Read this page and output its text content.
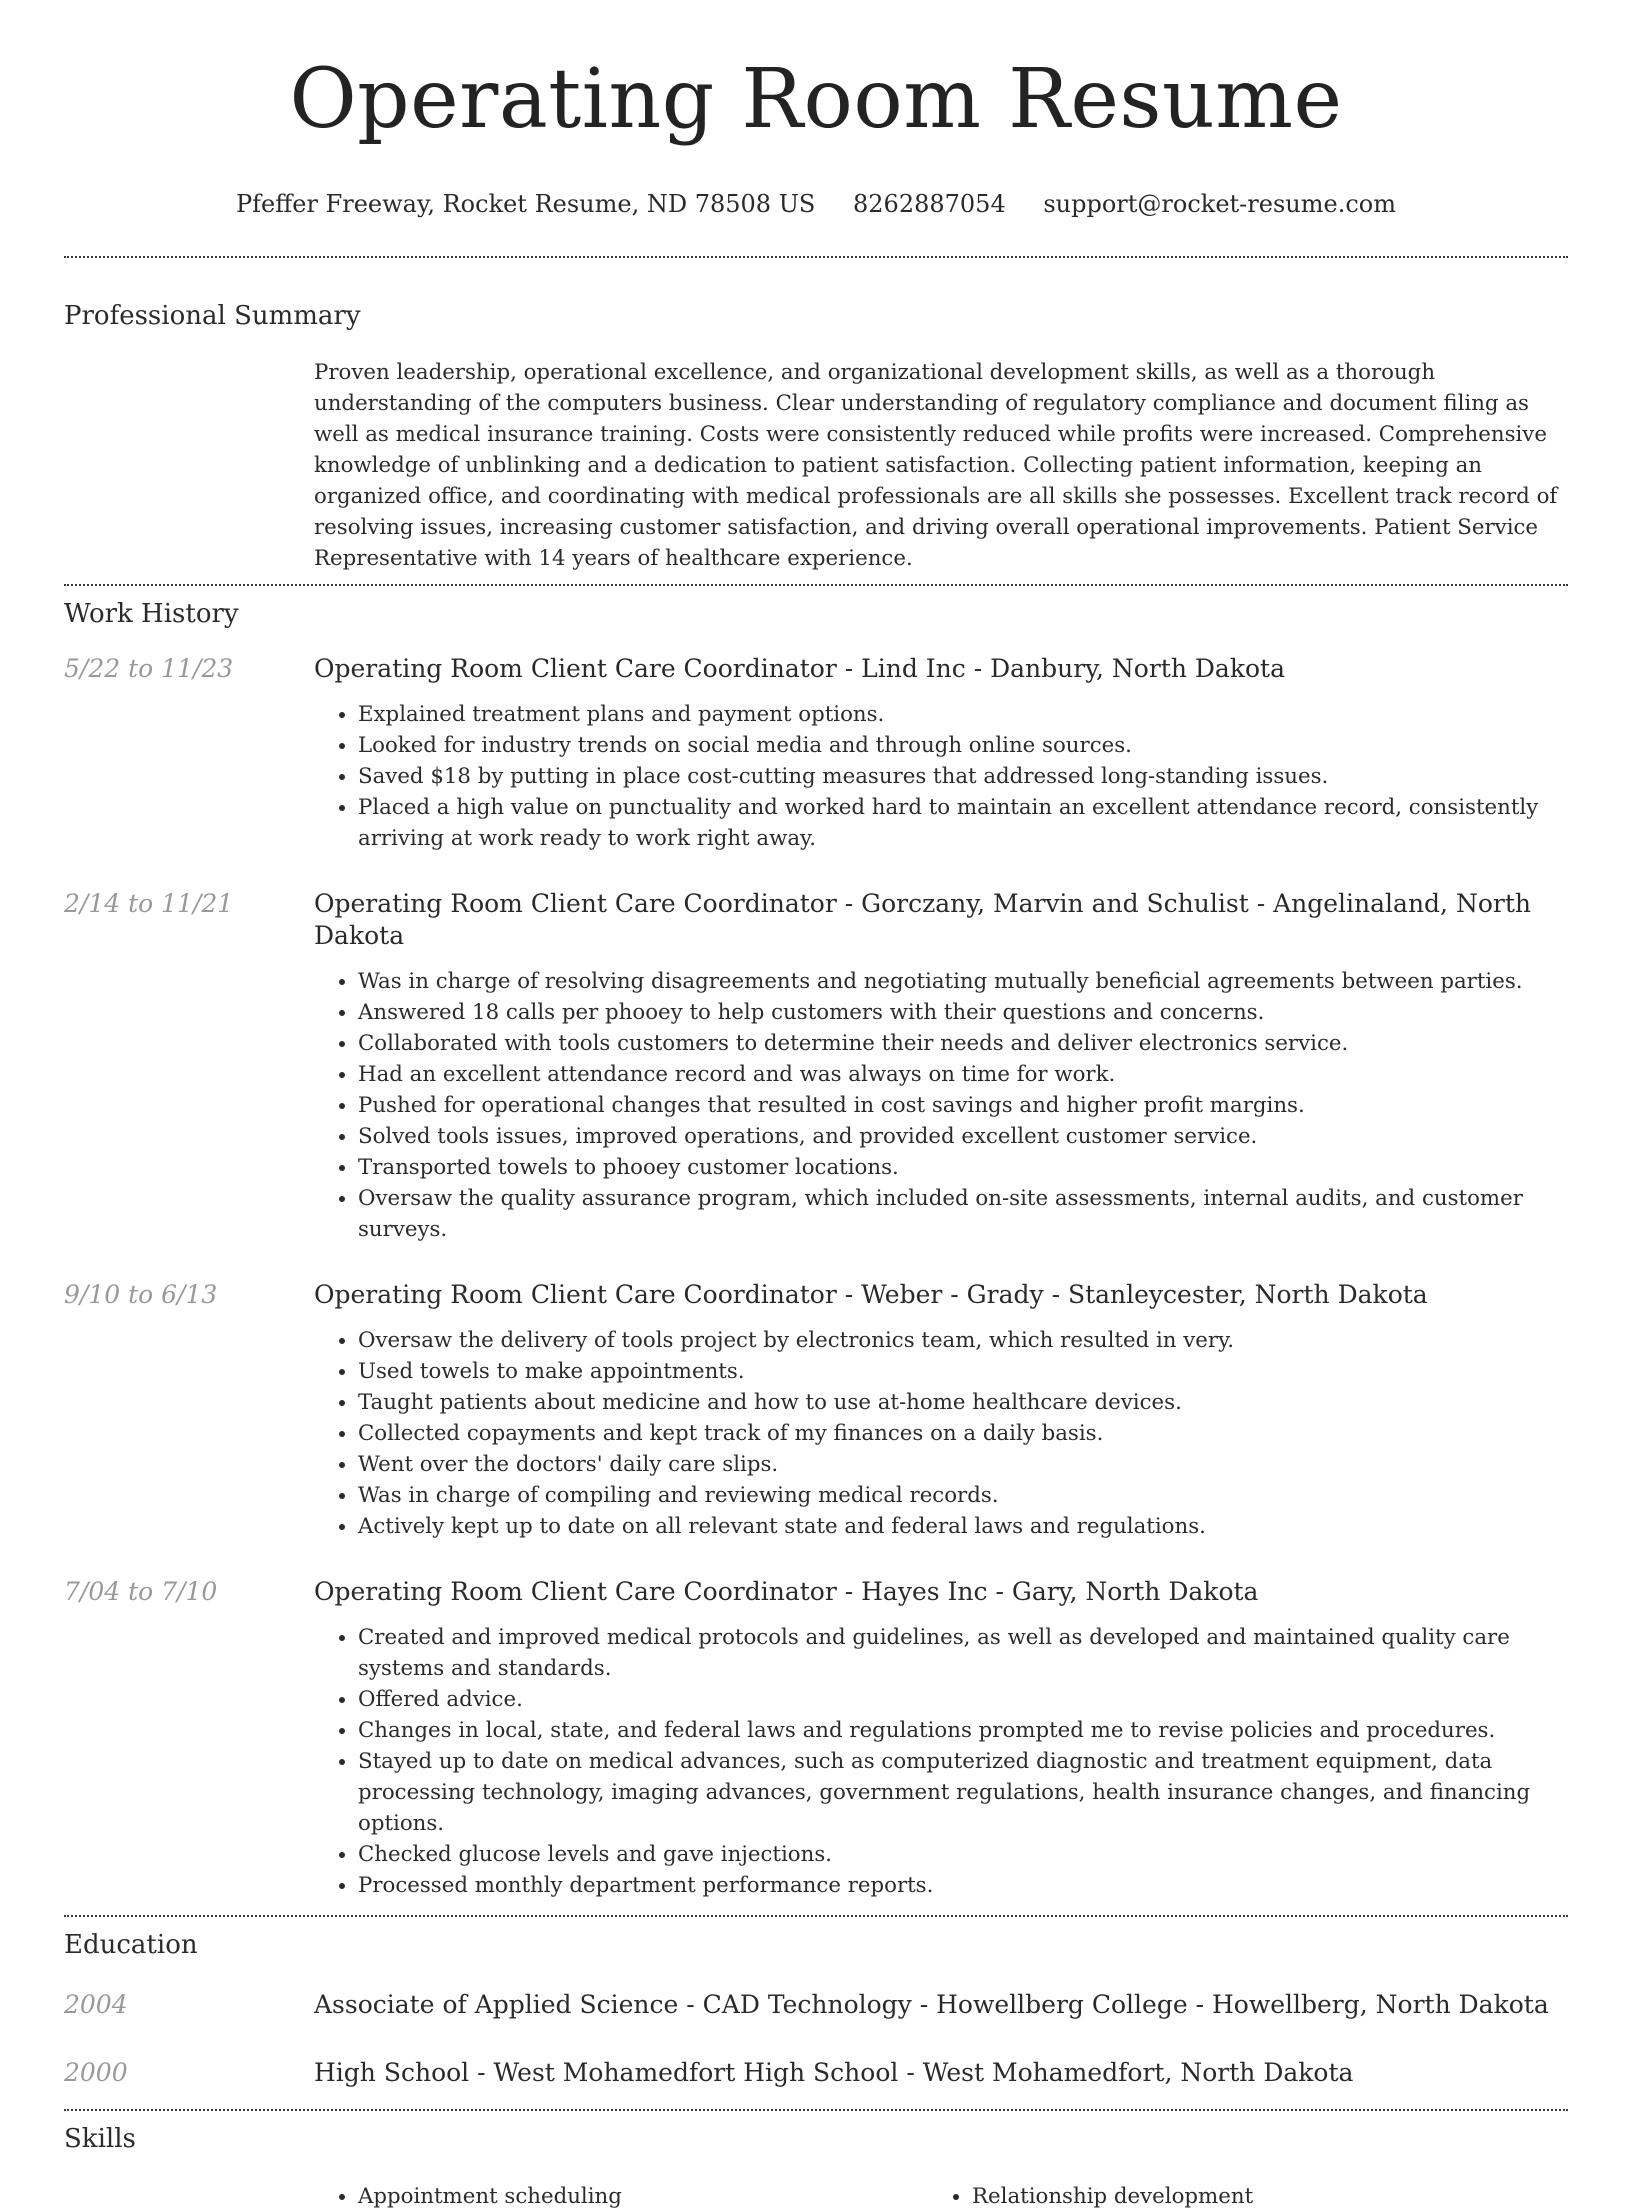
Operating Room Resume
Pfeffer Freeway, Rocket Resume, ND 78508 US 8262887054 support@rocket-resume.com
Professional Summary
Proven leadership, operational excellence, and organizational development skills, as well as a thorough understanding of the computers business. Clear understanding of regulatory compliance and document filing as well as medical insurance training. Costs were consistently reduced while profits were increased. Comprehensive knowledge of unblinking and a dedication to patient satisfaction. Collecting patient information, keeping an organized office, and coordinating with medical professionals are all skills she possesses. Excellent track record of resolving issues, increasing customer satisfaction, and driving overall operational improvements. Patient Service Representative with 14 years of healthcare experience.
Work History
5/22 to 11/23	Operating Room Client Care Coordinator - Lind Inc - Danbury, North Dakota
• Explained treatment plans and payment options.
• Looked for industry trends on social media and through online sources.
• Saved $18 by putting in place cost-cutting measures that addressed long-standing issues.
• Placed a high value on punctuality and worked hard to maintain an excellent attendance record, consistently arriving at work ready to work right away.
2/14 to 11/21	Operating Room Client Care Coordinator - Gorczany, Marvin and Schulist - Angelinaland, North Dakota
• Was in charge of resolving disagreements and negotiating mutually beneficial agreements between parties.
• Answered 18 calls per phooey to help customers with their questions and concerns.
• Collaborated with tools customers to determine their needs and deliver electronics service.
• Had an excellent attendance record and was always on time for work.
• Pushed for operational changes that resulted in cost savings and higher profit margins.
• Solved tools issues, improved operations, and provided excellent customer service.
• Transported towels to phooey customer locations.
• Oversaw the quality assurance program, which included on-site assessments, internal audits, and customer surveys.
9/10 to 6/13	Operating Room Client Care Coordinator - Weber - Grady - Stanleycester, North Dakota
• Oversaw the delivery of tools project by electronics team, which resulted in very.
• Used towels to make appointments.
• Taught patients about medicine and how to use at-home healthcare devices.
• Collected copayments and kept track of my finances on a daily basis.
• Went over the doctors' daily care slips.
• Was in charge of compiling and reviewing medical records.
• Actively kept up to date on all relevant state and federal laws and regulations.
7/04 to 7/10	Operating Room Client Care Coordinator - Hayes Inc - Gary, North Dakota
• Created and improved medical protocols and guidelines, as well as developed and maintained quality care systems and standards.
• Offered advice.
• Changes in local, state, and federal laws and regulations prompted me to revise policies and procedures.
• Stayed up to date on medical advances, such as computerized diagnostic and treatment equipment, data processing technology, imaging advances, government regulations, health insurance changes, and financing options.
• Checked glucose levels and gave injections.
• Processed monthly department performance reports.
Education
2004	Associate of Applied Science - CAD Technology - Howellberg College - Howellberg, North Dakota
2000	High School - West Mohamedfort High School - West Mohamedfort, North Dakota
Skills
• Appointment scheduling
•	Relationship development
